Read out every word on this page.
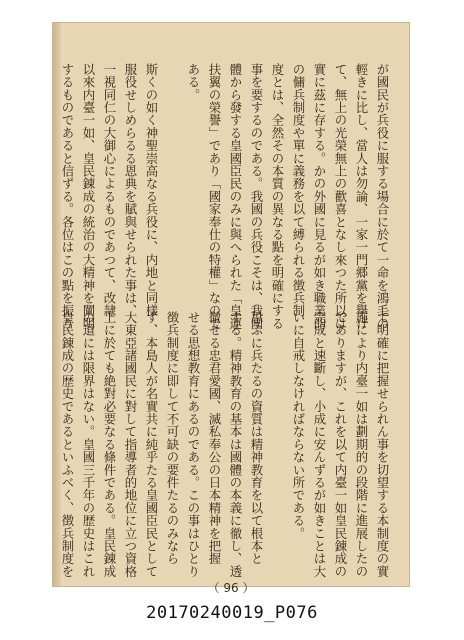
が國民が兵役に服する場合に於て一命を鴻毛の
輕きに比し、當人は勿論、一家一門郷黨を擧げ
て、無上の光榮無上の歡喜となし來つた所以は
實に茲に存する。かの外國に見るが如き職業的
の傭兵制度や單に義務を以て縛られる徴兵制
度とは、全然その本質の異なる點を明確にする
事を要するのである。我國の兵役こそは、我國
體から發する皇國臣民のみに與へられた「皇運
扶翼の榮譽」であり「國家奉仕の特權」なので
ある。

斯くの如く神聖崇高なる兵役に、内地と同樣
服役せしめらるる恩典を賦與せられた事は、
一視同仁の大御心によるものであつて、改隷
以來内臺一如、皇民錬成の統治の大精神を闡明
するものであると信ずる。各位はこの點を振り
て明確に把握せられん事を切望する本制度の實
施により内臺一如は劃期的の段階に進展したの
でありますが、これを以て内臺一如皇民錬成の
完成と速斷し、小成に安んずるが如きことは大
いに自戒しなければならない所である。

思ふに兵たるの資質は精神教育を以て根本と
する。精神教育の基本は國體の本義に徹し、透
徹せる忠君愛國、滅私奉公の日本精神を把握
せる思想教育にあるのである。この事はひとり
徴兵制度に即して不可缺の要件たるのみなら
ず、本島人が名實共に純乎たる皇國臣民として
大東亞諸國民に對して指導者的地位に立つ資格
上に於ても絶對必要なる條件である。皇民錬成
の道には限界はない。皇國三千年の歴史はこれ
皇民錬成の歴史であるといふべく、徴兵制度を
（ 96 ）
20170240019_P076
